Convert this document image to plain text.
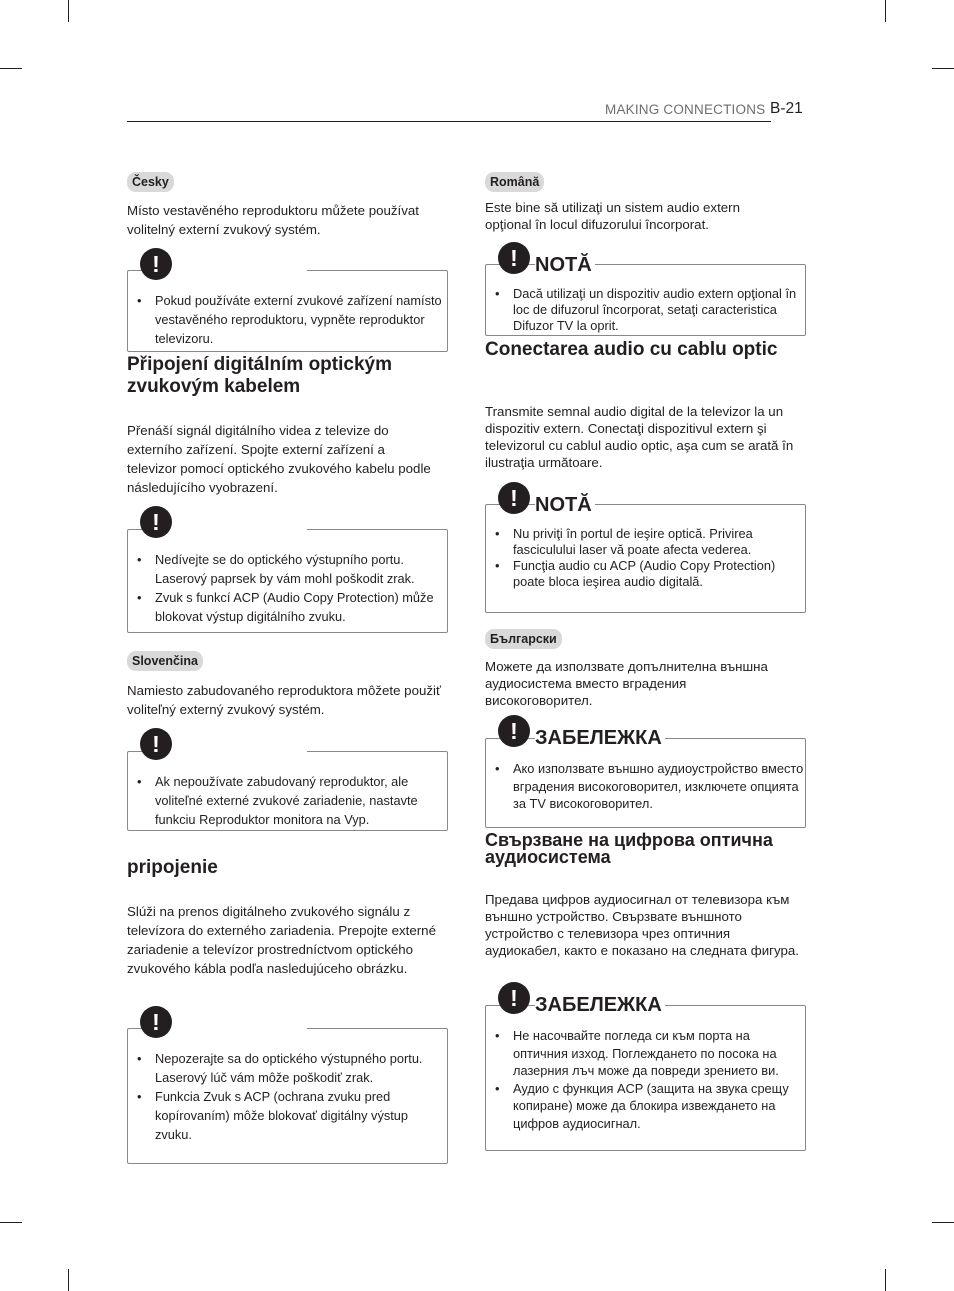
MAKING CONNECTIONS B-21
Česky

Místo vestavěného reproduktoru můžete používat volitelný externí zvukový systém.

• Pokud používáte externí zvukové zařízení namísto vestavěného reproduktoru, vypněte reproduktor televizoru.
!
Připojení digitálním optickým zvukovým kabelem

Přenáší signál digitálního videa z televize do externího zařízení. Spojte externí zařízení a televizor pomocí optického zvukového kabelu podle následujícího vyobrazení.

• Nedívejte se do optického výstupního portu. Laserový paprsek by vám mohl poškodit zrak.
• Zvuk s funkcí ACP (Audio Copy Protection) může blokovat výstup digitálního zvuku.
!
Slovenčina

Namiesto zabudovaného reproduktora môžete použiť voliteľný externý zvukový systém.

• Ak nepoužívate zabudovaný reproduktor, ale voliteľné externé zvukové zariadenie, nastavte funkciu Reproduktor monitora na Vyp.
!
pripojenie

Slúži na prenos digitálneho zvukového signálu z televízora do externého zariadenia. Prepojte externé zariadenie a televízor prostredníctvom optického zvukového kábla podľa nasledujúceho obrázku.

• Nepozerajte sa do optického výstupného portu. Laserový lúč vám môže poškodiť zrak.
• Funkcia Zvuk s ACP (ochrana zvuku pred kopírovaním) môže blokovať digitálny výstup zvuku.
!
Română

Este bine să utilizaţi un sistem audio extern opţional în locul difuzorului încorporat.

• Dacă utilizaţi un dispozitiv audio extern opţional în loc de difuzorul încorporat, setaţi caracteristica Difuzor TV la oprit.
! NOTĂ
Conectarea audio cu cablu optic

Transmite semnal audio digital de la televizor la un dispozitiv extern. Conectaţi dispozitivul extern şi televizorul cu cablul audio optic, aşa cum se arată în ilustraţia următoare.

• Nu priviţi în portul de ieşire optică. Privirea fasciculului laser vă poate afecta vederea.
• Funcţia audio cu ACP (Audio Copy Protection) poate bloca ieşirea audio digitală.
! NOTĂ
Български

Можете да използвате допълнителна външна аудиосистема вместо вградения високоговорител.

• Ако използвате външно аудиоустройство вместо вградения високоговорител, изключете опцията за TV високоговорител.
! ЗАБЕЛЕЖКА
Свързване на цифрова оптична аудиосистема

Предава цифров аудиосигнал от телевизора към външно устройство. Свързвате външното устройство с телевизора чрез оптичния аудиокабел, както е показано на следната фигура.

• Не насочвайте погледа си към порта на оптичния изход. Поглеждането по посока на лазерния лъч може да повреди зрението ви.
• Аудио с функция ACP (защита на звука срещу копиране) може да блокира извеждането на цифров аудиосигнал.
! ЗАБЕЛЕЖКА
